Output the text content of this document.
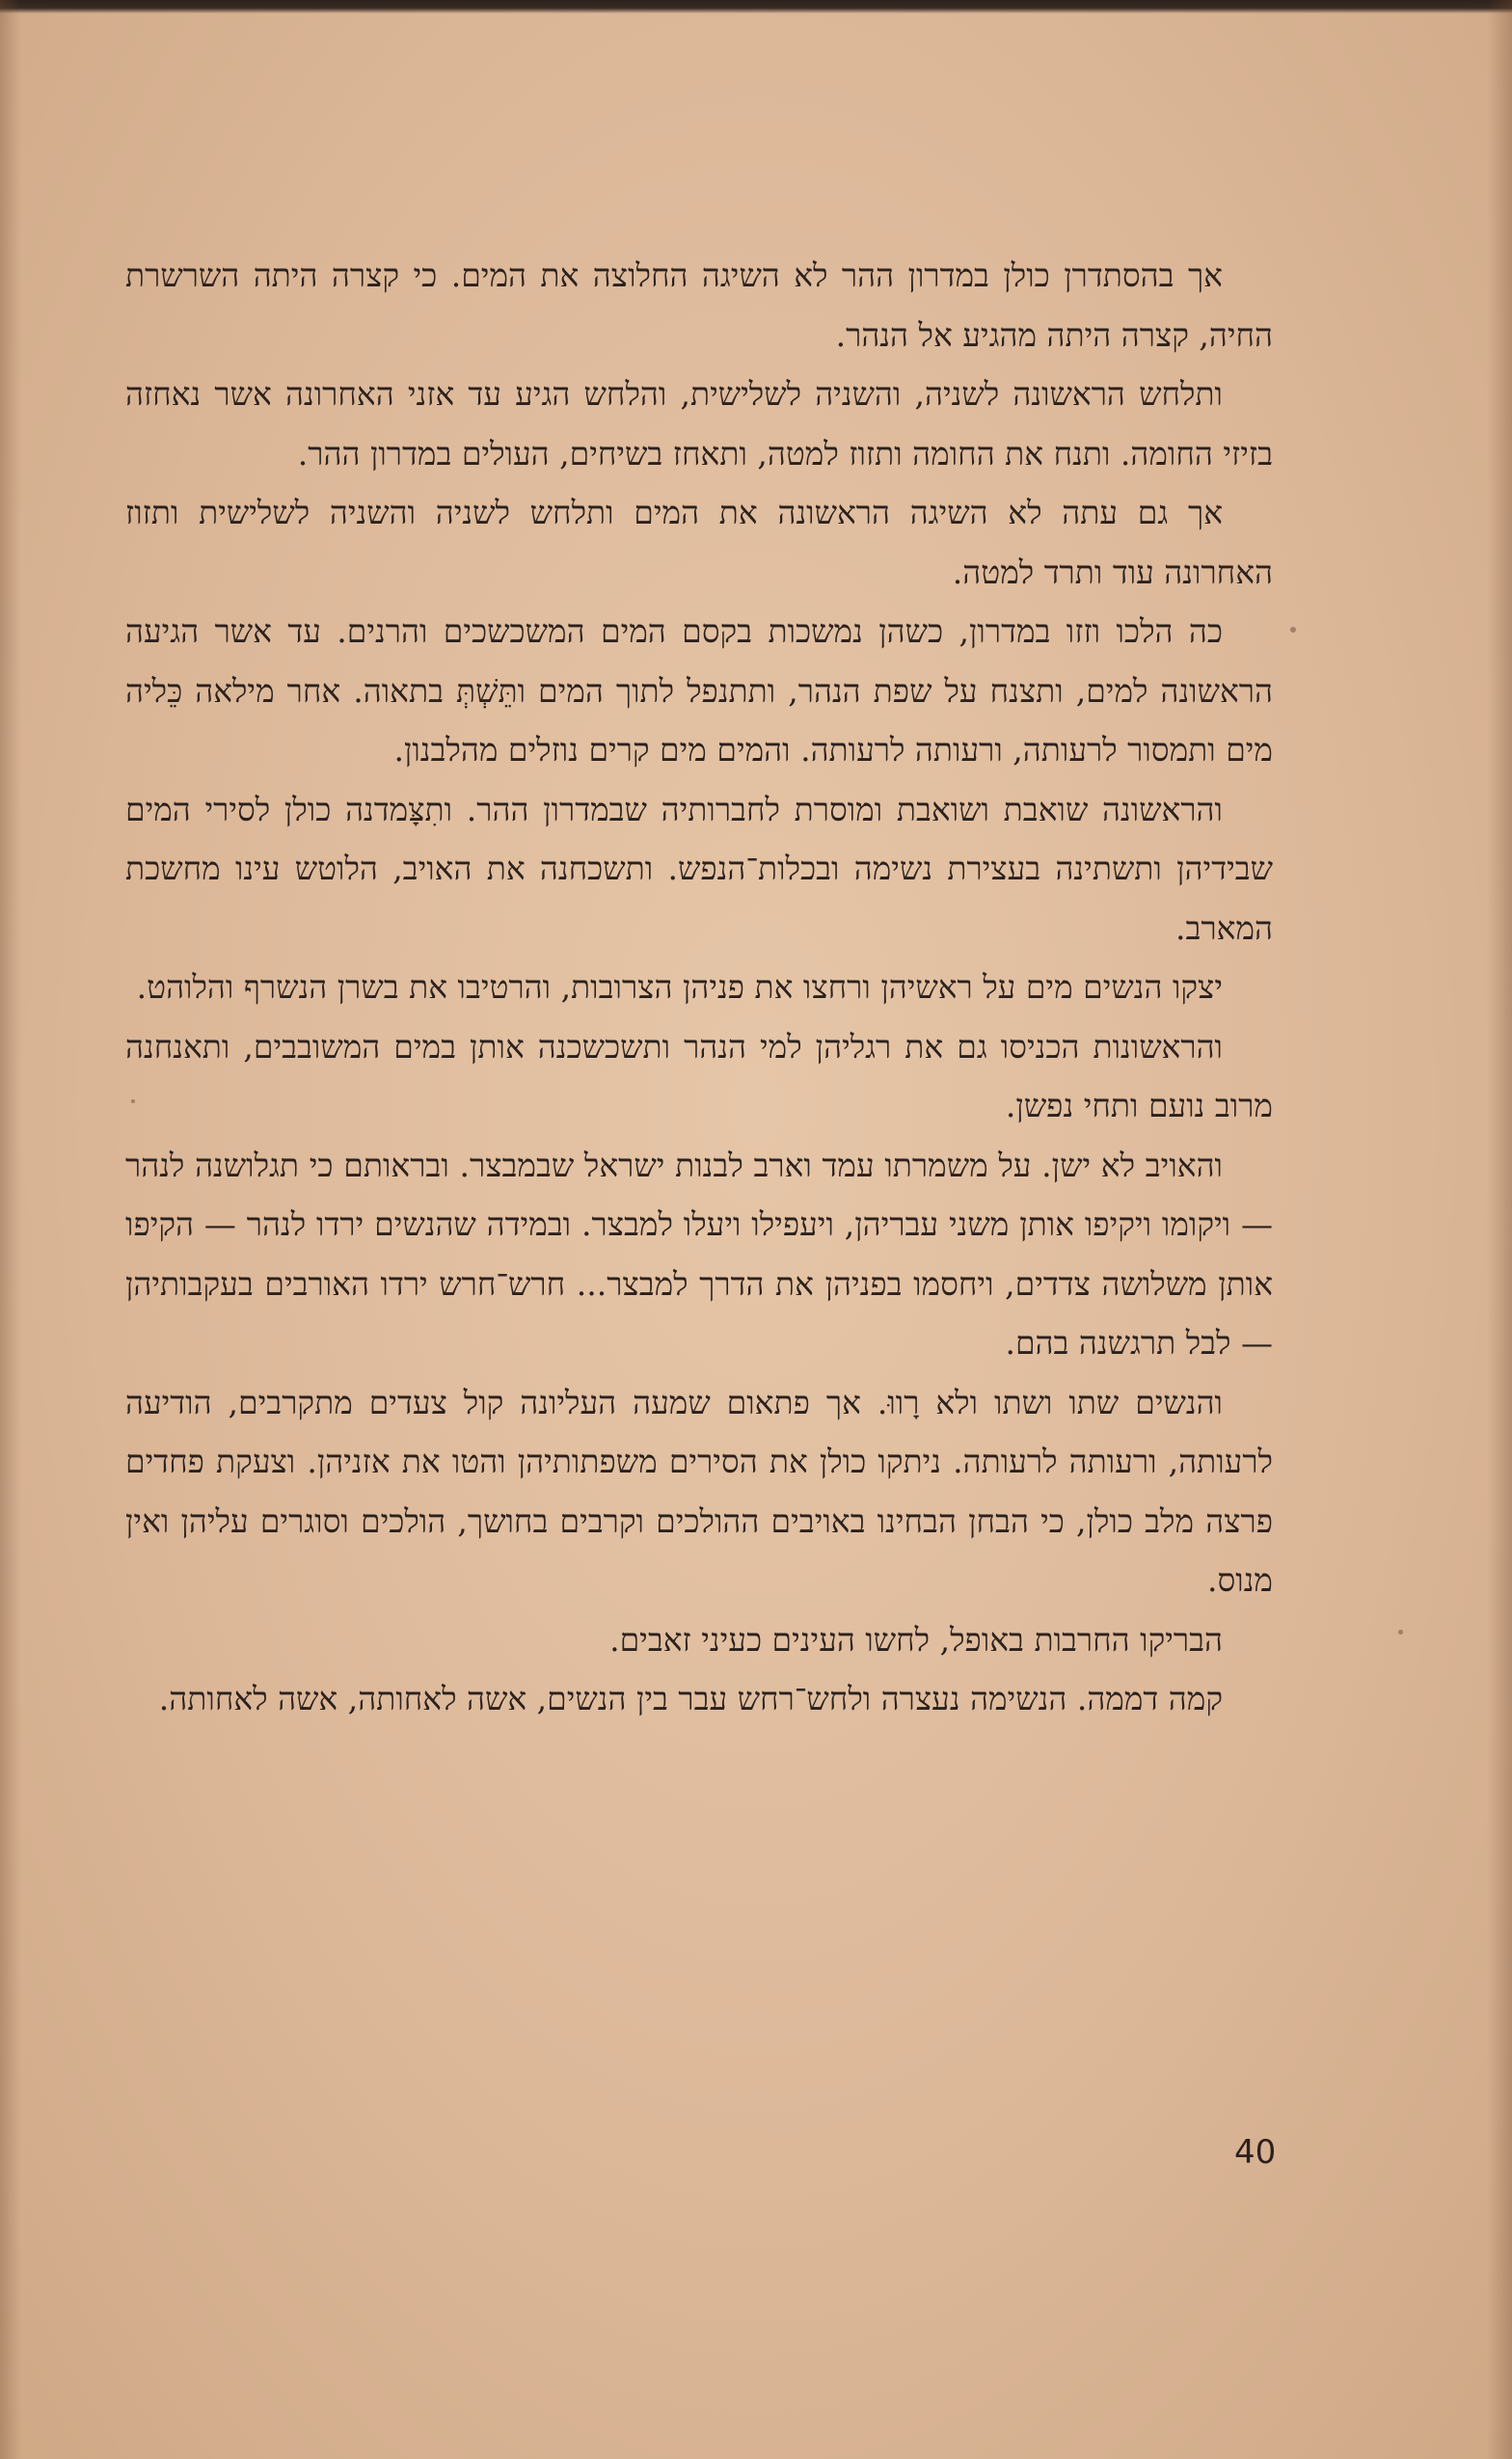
אך בהסתדרן כולן במדרון ההר לא השיגה החלוצה את המים. כי קצרה היתה השרשרת החיה, קצרה היתה מהגיע אל הנהר.

ותלחש הראשונה לשניה, והשניה לשלישית, והלחש הגיע עד אזני האחרונה אשר נאחזה בזיזי החומה. ותנח את החומה ותזוז למטה, ותאחז בשיחים, העולים במדרון ההר.

אך גם עתה לא השיגה הראשונה את המים ותלחש לשניה והשניה לשלישית ותזוז האחרונה עוד ותרד למטה.

כה הלכו וזזו במדרון, כשהן נמשכות בקסם המים המשכשכים והרנים. עד אשר הגיעה הראשונה למים, ותצנח על שפת הנהר, ותתנפל לתוך המים ותֵּשְׁתְּ בתאוה. אחר מילאה כֵּליה מים ותמסור לרעותה, ורעותה לרעותה. והמים מים קרים נוזלים מהלבנון.

והראשונה שואבת ושואבת ומוסרת לחברותיה שבמדרון ההר. ותִצָּמדנה כולן לסירי המים שבידיהן ותשתינה בעצירת נשימה ובכלות־הנפש. ותשכחנה את האויב, הלוטש עינו מחשכת המארב.

יצקו הנשים מים על ראשיהן ורחצו את פניהן הצרובות, והרטיבו את בשרן הנשרף והלוהט.

והראשונות הכניסו גם את רגליהן למי הנהר ותשכשכנה אותן במים המשובבים, ותאנחנה מרוב נועם ותחי נפשן.

והאויב לא ישן. על משמרתו עמד וארב לבנות ישראל שבמבצר. ובראותם כי תגלושנה לנהר — ויקומו ויקיפו אותן משני עבריהן, ויעפילו ויעלו למבצר. ובמידה שהנשים ירדו לנהר — הקיפו אותן משלושה צדדים, ויחסמו בפניהן את הדרך למבצר... חרש־חרש ירדו האורבים בעקבותיהן — לבל תרגשנה בהם.

והנשים שתו ושתו ולא רָווּ. אך פתאום שמעה העליונה קול צעדים מתקרבים, הודיעה לרעותה, ורעותה לרעותה. ניתקו כולן את הסירים משפתותיהן והטו את אזניהן. וצעקת פחדים פרצה מלב כולן, כי הבחן הבחינו באויבים ההולכים וקרבים בחושך, הולכים וסוגרים עליהן ואין מנוס.

הבריקו החרבות באופל, לחשו העינים כעיני זאבים.

קמה דממה. הנשימה נעצרה ולחש־רחש עבר בין הנשים, אשה לאחותה, אשה לאחותה.

40
